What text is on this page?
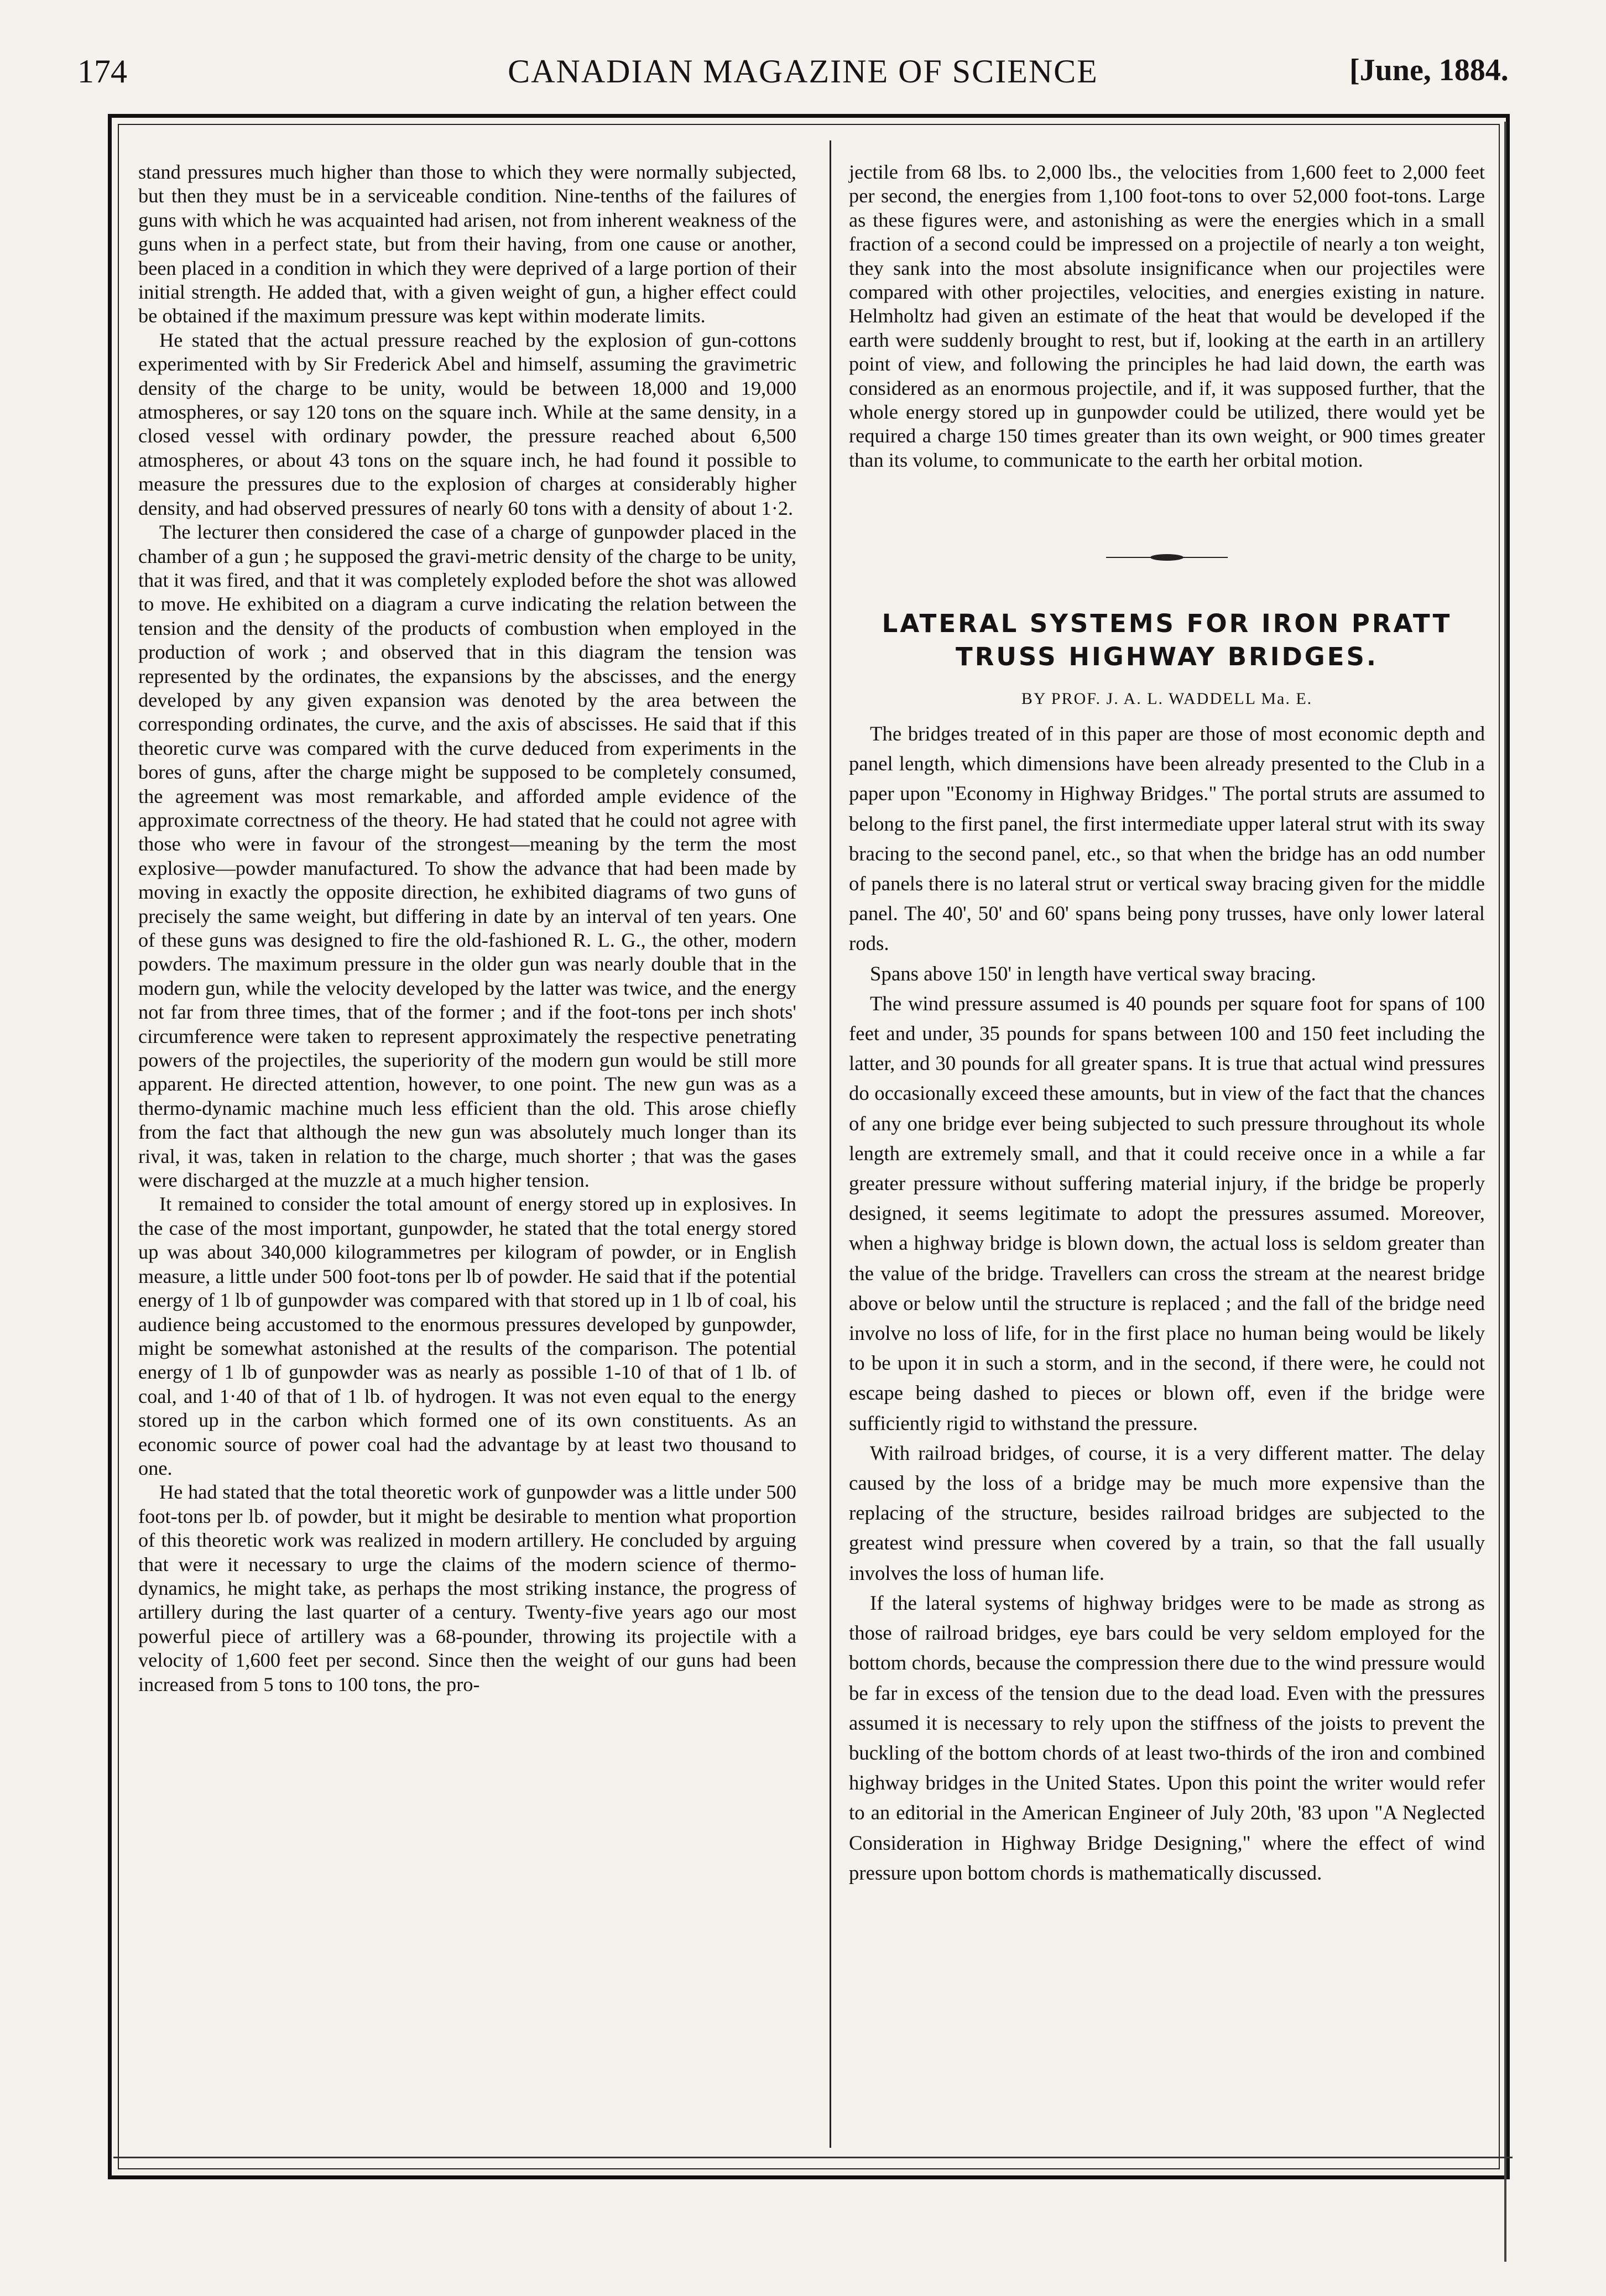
174	CANADIAN MAGAZINE OF SCIENCE	[June, 1884.

stand pressures much higher than those to which they were normally subjected, but then they must be in a serviceable condition. Nine-tenths of the failures of guns with which he was acquainted had arisen, not from inherent weakness of the guns when in a perfect state, but from their having, from one cause or another, been placed in a condition in which they were deprived of a large portion of their initial strength. He added that, with a given weight of gun, a higher effect could be obtained if the maximum pressure was kept within moderate limits.

He stated that the actual pressure reached by the explosion of gun-cottons experimented with by Sir Frederick Abel and himself, assuming the gravimetric density of the charge to be unity, would be between 18,000 and 19,000 atmospheres, or say 120 tons on the square inch. While at the same density, in a closed vessel with ordinary powder, the pressure reached about 6,500 atmospheres, or about 43 tons on the square inch, he had found it possible to measure the pressures due to the explosion of charges at considerably higher density, and had observed pressures of nearly 60 tons with a density of about 1·2.

The lecturer then considered the case of a charge of gunpowder placed in the chamber of a gun ; he supposed the gravi-metric density of the charge to be unity, that it was fired, and that it was completely exploded before the shot was allowed to move. He exhibited on a diagram a curve indicating the relation between the tension and the density of the products of combustion when employed in the production of work ; and observed that in this diagram the tension was represented by the ordinates, the expansions by the abscisses, and the energy developed by any given expansion was denoted by the area between the corresponding ordinates, the curve, and the axis of abscisses. He said that if this theoretic curve was compared with the curve deduced from experiments in the bores of guns, after the charge might be supposed to be completely consumed, the agreement was most remarkable, and afforded ample evidence of the approximate correctness of the theory. He had stated that he could not agree with those who were in favour of the strongest—meaning by the term the most explosive—powder manufactured. To show the advance that had been made by moving in exactly the opposite direction, he exhibited diagrams of two guns of precisely the same weight, but differing in date by an interval of ten years. One of these guns was designed to fire the old-fashioned R. L. G., the other, modern powders. The maximum pressure in the older gun was nearly double that in the modern gun, while the velocity developed by the latter was twice, and the energy not far from three times, that of the former ; and if the foot-tons per inch shots' circumference were taken to represent approximately the respective penetrating powers of the projectiles, the superiority of the modern gun would be still more apparent. He directed attention, however, to one point. The new gun was as a thermo-dynamic machine much less efficient than the old. This arose chiefly from the fact that although the new gun was absolutely much longer than its rival, it was, taken in relation to the charge, much shorter ; that was the gases were discharged at the muzzle at a much higher tension.

It remained to consider the total amount of energy stored up in explosives. In the case of the most important, gunpowder, he stated that the total energy stored up was about 340,000 kilogrammetres per kilogram of powder, or in English measure, a little under 500 foot-tons per lb of powder. He said that if the potential energy of 1 lb of gunpowder was compared with that stored up in 1 lb of coal, his audience being accustomed to the enormous pressures developed by gunpowder, might be somewhat astonished at the results of the comparison. The potential energy of 1 lb of gunpowder was as nearly as possible 1-10 of that of 1 lb. of coal, and 1·40 of that of 1 lb. of hydrogen. It was not even equal to the energy stored up in the carbon which formed one of its own constituents. As an economic source of power coal had the advantage by at least two thousand to one.

He had stated that the total theoretic work of gunpowder was a little under 500 foot-tons per lb. of powder, but it might be desirable to mention what proportion of this theoretic work was realized in modern artillery. He concluded by arguing that were it necessary to urge the claims of the modern science of thermo-dynamics, he might take, as perhaps the most striking instance, the progress of artillery during the last quarter of a century. Twenty-five years ago our most powerful piece of artillery was a 68-pounder, throwing its projectile with a velocity of 1,600 feet per second. Since then the weight of our guns had been increased from 5 tons to 100 tons, the pro-

jectile from 68 lbs. to 2,000 lbs., the velocities from 1,600 feet to 2,000 feet per second, the energies from 1,100 foot-tons to over 52,000 foot-tons. Large as these figures were, and astonishing as were the energies which in a small fraction of a second could be impressed on a projectile of nearly a ton weight, they sank into the most absolute insignificance when our projectiles were compared with other projectiles, velocities, and energies existing in nature. Helmholtz had given an estimate of the heat that would be developed if the earth were suddenly brought to rest, but if, looking at the earth in an artillery point of view, and following the principles he had laid down, the earth was considered as an enormous projectile, and if, it was supposed further, that the whole energy stored up in gunpowder could be utilized, there would yet be required a charge 150 times greater than its own weight, or 900 times greater than its volume, to communicate to the earth her orbital motion.

LATERAL SYSTEMS FOR IRON PRATT
TRUSS HIGHWAY BRIDGES.
BY PROF. J. A. L. WADDELL Ma. E.

The bridges treated of in this paper are those of most economic depth and panel length, which dimensions have been already presented to the Club in a paper upon "Economy in Highway Bridges." The portal struts are assumed to belong to the first panel, the first intermediate upper lateral strut with its sway bracing to the second panel, etc., so that when the bridge has an odd number of panels there is no lateral strut or vertical sway bracing given for the middle panel. The 40', 50' and 60' spans being pony trusses, have only lower lateral rods.

Spans above 150' in length have vertical sway bracing.

The wind pressure assumed is 40 pounds per square foot for spans of 100 feet and under, 35 pounds for spans between 100 and 150 feet including the latter, and 30 pounds for all greater spans. It is true that actual wind pressures do occasionally exceed these amounts, but in view of the fact that the chances of any one bridge ever being subjected to such pressure throughout its whole length are extremely small, and that it could receive once in a while a far greater pressure without suffering material injury, if the bridge be properly designed, it seems legitimate to adopt the pressures assumed. Moreover, when a highway bridge is blown down, the actual loss is seldom greater than the value of the bridge. Travellers can cross the stream at the nearest bridge above or below until the structure is replaced ; and the fall of the bridge need involve no loss of life, for in the first place no human being would be likely to be upon it in such a storm, and in the second, if there were, he could not escape being dashed to pieces or blown off, even if the bridge were sufficiently rigid to withstand the pressure.

With railroad bridges, of course, it is a very different matter. The delay caused by the loss of a bridge may be much more expensive than the replacing of the structure, besides railroad bridges are subjected to the greatest wind pressure when covered by a train, so that the fall usually involves the loss of human life.

If the lateral systems of highway bridges were to be made as strong as those of railroad bridges, eye bars could be very seldom employed for the bottom chords, because the compression there due to the wind pressure would be far in excess of the tension due to the dead load. Even with the pressures assumed it is necessary to rely upon the stiffness of the joists to prevent the buckling of the bottom chords of at least two-thirds of the iron and combined highway bridges in the United States. Upon this point the writer would refer to an editorial in the American Engineer of July 20th, '83 upon "A Neglected Consideration in Highway Bridge Designing," where the effect of wind pressure upon bottom chords is mathematically discussed.
